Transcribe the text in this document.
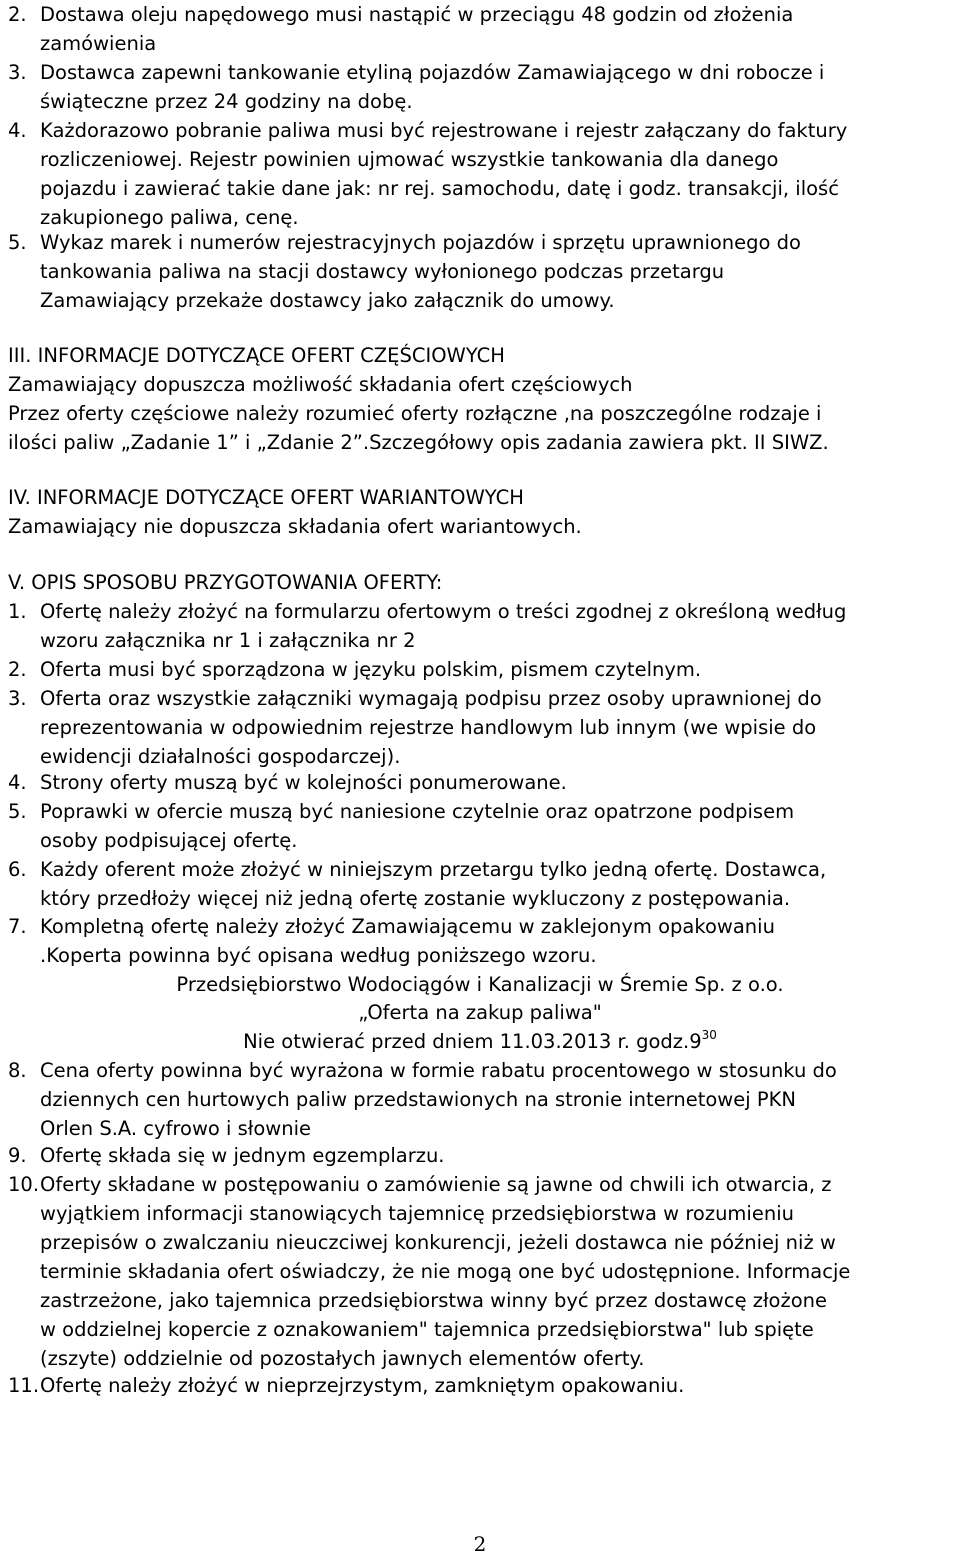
2. Dostawa oleju napędowego musi nastąpić w przeciągu 48 godzin od złożenia
zamówienia
3. Dostawca zapewni tankowanie etyliną pojazdów Zamawiającego w dni robocze i
świąteczne przez 24 godziny na dobę.
4. Każdorazowo pobranie paliwa musi być rejestrowane i rejestr załączany do faktury
rozliczeniowej. Rejestr powinien ujmować wszystkie tankowania dla danego
pojazdu i zawierać takie dane jak: nr rej. samochodu, datę i godz. transakcji, ilość
zakupionego paliwa, cenę.
5. Wykaz marek i numerów rejestracyjnych pojazdów i sprzętu uprawnionego do
tankowania paliwa na stacji dostawcy wyłonionego podczas przetargu
Zamawiający przekaże dostawcy jako załącznik do umowy.
III. INFORMACJE DOTYCZĄCE OFERT CZĘŚCIOWYCH
Zamawiający dopuszcza możliwość składania ofert częściowych
Przez oferty częściowe należy rozumieć oferty rozłączne ,na poszczególne rodzaje i
ilości paliw „Zadanie 1” i „Zdanie 2”.Szczegółowy opis zadania zawiera pkt. II SIWZ.
IV. INFORMACJE DOTYCZĄCE OFERT WARIANTOWYCH
Zamawiający nie dopuszcza składania ofert wariantowych.
V. OPIS SPOSOBU PRZYGOTOWANIA OFERTY:
1. Ofertę należy złożyć na formularzu ofertowym o treści zgodnej z określoną według
wzoru załącznika nr 1 i załącznika nr 2
2. Oferta musi być sporządzona w języku polskim, pismem czytelnym.
3. Oferta oraz wszystkie załączniki wymagają podpisu przez osoby uprawnionej do
reprezentowania w odpowiednim rejestrze handlowym lub innym (we wpisie do
ewidencji działalności gospodarczej).
4. Strony oferty muszą być w kolejności ponumerowane.
5. Poprawki w ofercie muszą być naniesione czytelnie oraz opatrzone podpisem
osoby podpisującej ofertę.
6. Każdy oferent może złożyć w niniejszym przetargu tylko jedną ofertę. Dostawca,
który przedłoży więcej niż jedną ofertę zostanie wykluczony z postępowania.
7. Kompletną ofertę należy złożyć Zamawiającemu w zaklejonym opakowaniu
.Koperta powinna być opisana według poniższego wzoru.
Przedsiębiorstwo Wodociągów i Kanalizacji w Śremie Sp. z o.o.
„Oferta na zakup paliwa"
Nie otwierać przed dniem 11.03.2013 r. $godz.9^{30}$
8. Cena oferty powinna być wyrażona w formie rabatu procentowego w stosunku do
dziennych cen hurtowych paliw przedstawionych na stronie internetowej PKN
Orlen S.A. cyfrowo i słownie
9. Ofertę składa się w jednym egzemplarzu.
10. Oferty składane w postępowaniu o zamówienie są jawne od chwili ich otwarcia, z
wyjątkiem informacji stanowiących tajemnicę przedsiębiorstwa w rozumieniu
przepisów o zwalczaniu nieuczciwej konkurencji, jeżeli dostawca nie później niż w
terminie składania ofert oświadczy, że nie mogą one być udostępnione. Informacje
zastrzeżone, jako tajemnica przedsiębiorstwa winny być przez dostawcę złożone
w oddzielnej kopercie z oznakowaniem" tajemnica przedsiębiorstwa" lub spięte
(zszyte) oddzielnie od pozostałych jawnych elementów oferty.
11. Ofertę należy złożyć w nieprzejrzystym, zamkniętym opakowaniu.
2
